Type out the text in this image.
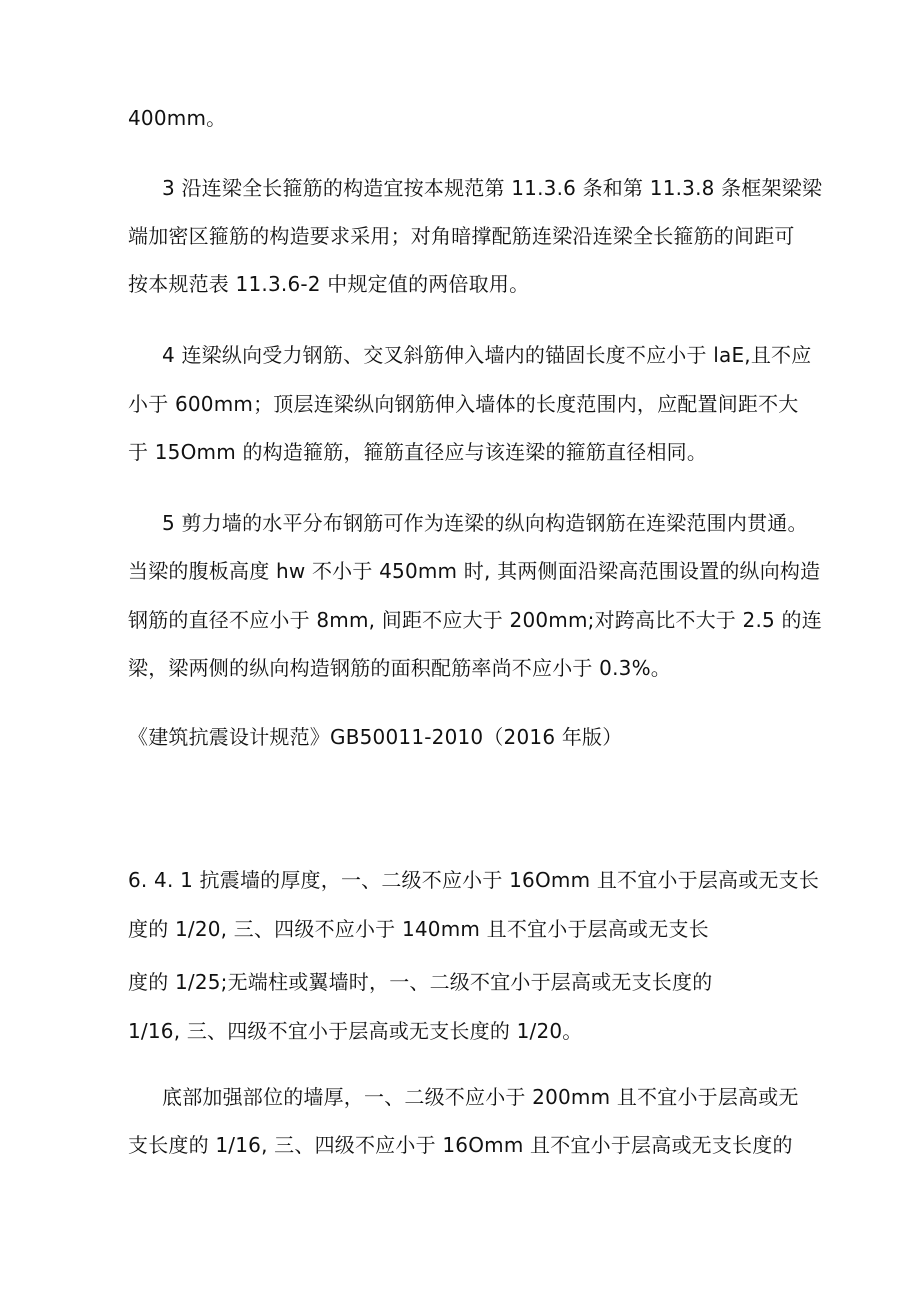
400mm。
3 沿连梁全长箍筋的构造宜按本规范第 11.3.6 条和第 11.3.8 条框架梁梁
端加密区箍筋的构造要求采用；对角暗撑配筋连梁沿连梁全长箍筋的间距可
按本规范表 11.3.6-2 中规定值的两倍取用。
4 连梁纵向受力钢筋、交叉斜筋伸入墙内的锚固长度不应小于 laE,且不应
小于 600mm；顶层连梁纵向钢筋伸入墙体的长度范围内，应配置间距不大
于 15Omm 的构造箍筋，箍筋直径应与该连梁的箍筋直径相同。
5 剪力墙的水平分布钢筋可作为连梁的纵向构造钢筋在连梁范围内贯通。
当梁的腹板高度 hw 不小于 450mm 时, 其两侧面沿梁高范围设置的纵向构造
钢筋的直径不应小于 8mm, 间距不应大于 200mm;对跨高比不大于 2.5 的连
梁，梁两侧的纵向构造钢筋的面积配筋率尚不应小于 0.3%。
《建筑抗震设计规范》GB50011-2010（2016 年版）
6. 4. 1 抗震墙的厚度，一、二级不应小于 16Omm 且不宜小于层高或无支长
度的 1/20, 三、四级不应小于 140mm 且不宜小于层高或无支长
度的 1/25;无端柱或翼墙时，一、二级不宜小于层高或无支长度的
1/16, 三、四级不宜小于层高或无支长度的 1/20。
底部加强部位的墙厚，一、二级不应小于 200mm 且不宜小于层高或无
支长度的 1/16, 三、四级不应小于 16Omm 且不宜小于层高或无支长度的
